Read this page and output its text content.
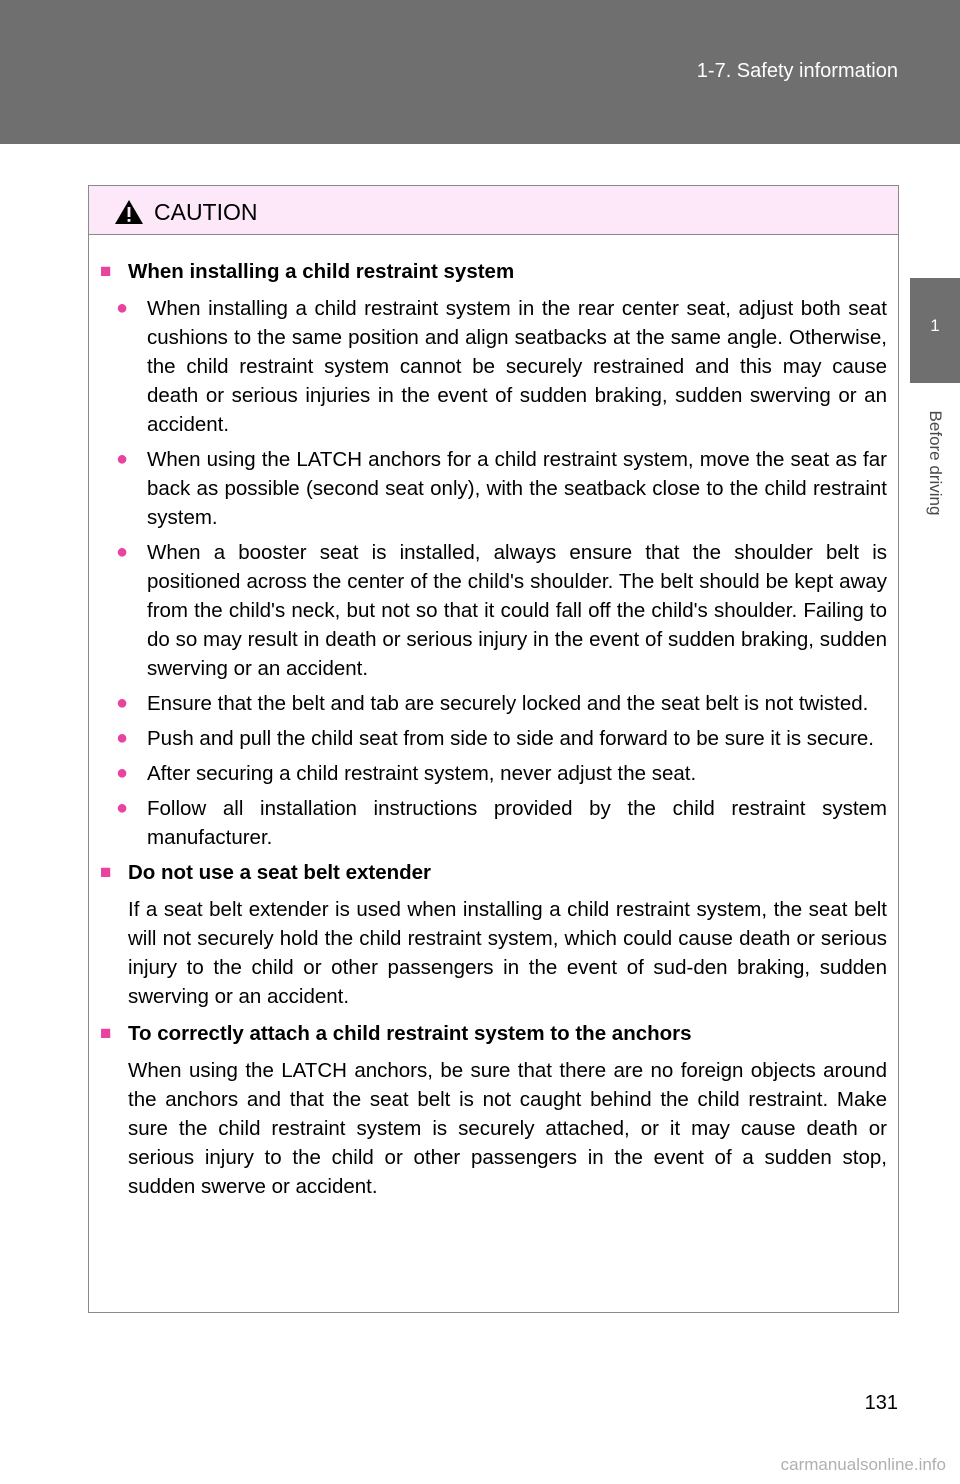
1-7. Safety information
1
Before driving
CAUTION
■ When installing a child restraint system
● When installing a child restraint system in the rear center seat, adjust both seat cushions to the same position and align seatbacks at the same angle. Otherwise, the child restraint system cannot be securely restrained and this may cause death or serious injuries in the event of sudden braking, sudden swerving or an accident.
● When using the LATCH anchors for a child restraint system, move the seat as far back as possible (second seat only), with the seatback close to the child restraint system.
● When a booster seat is installed, always ensure that the shoulder belt is positioned across the center of the child's shoulder. The belt should be kept away from the child's neck, but not so that it could fall off the child's shoulder. Failing to do so may result in death or serious injury in the event of sudden braking, sudden swerving or an accident.
● Ensure that the belt and tab are securely locked and the seat belt is not twisted.
● Push and pull the child seat from side to side and forward to be sure it is secure.
● After securing a child restraint system, never adjust the seat.
● Follow all installation instructions provided by the child restraint system manufacturer.
■ Do not use a seat belt extender
If a seat belt extender is used when installing a child restraint system, the seat belt will not securely hold the child restraint system, which could cause death or serious injury to the child or other passengers in the event of sud-den braking, sudden swerving or an accident.
■ To correctly attach a child restraint system to the anchors
When using the LATCH anchors, be sure that there are no foreign objects around the anchors and that the seat belt is not caught behind the child restraint. Make sure the child restraint system is securely attached, or it may cause death or serious injury to the child or other passengers in the event of a sudden stop, sudden swerve or accident.
131
carmanualsonline.info
